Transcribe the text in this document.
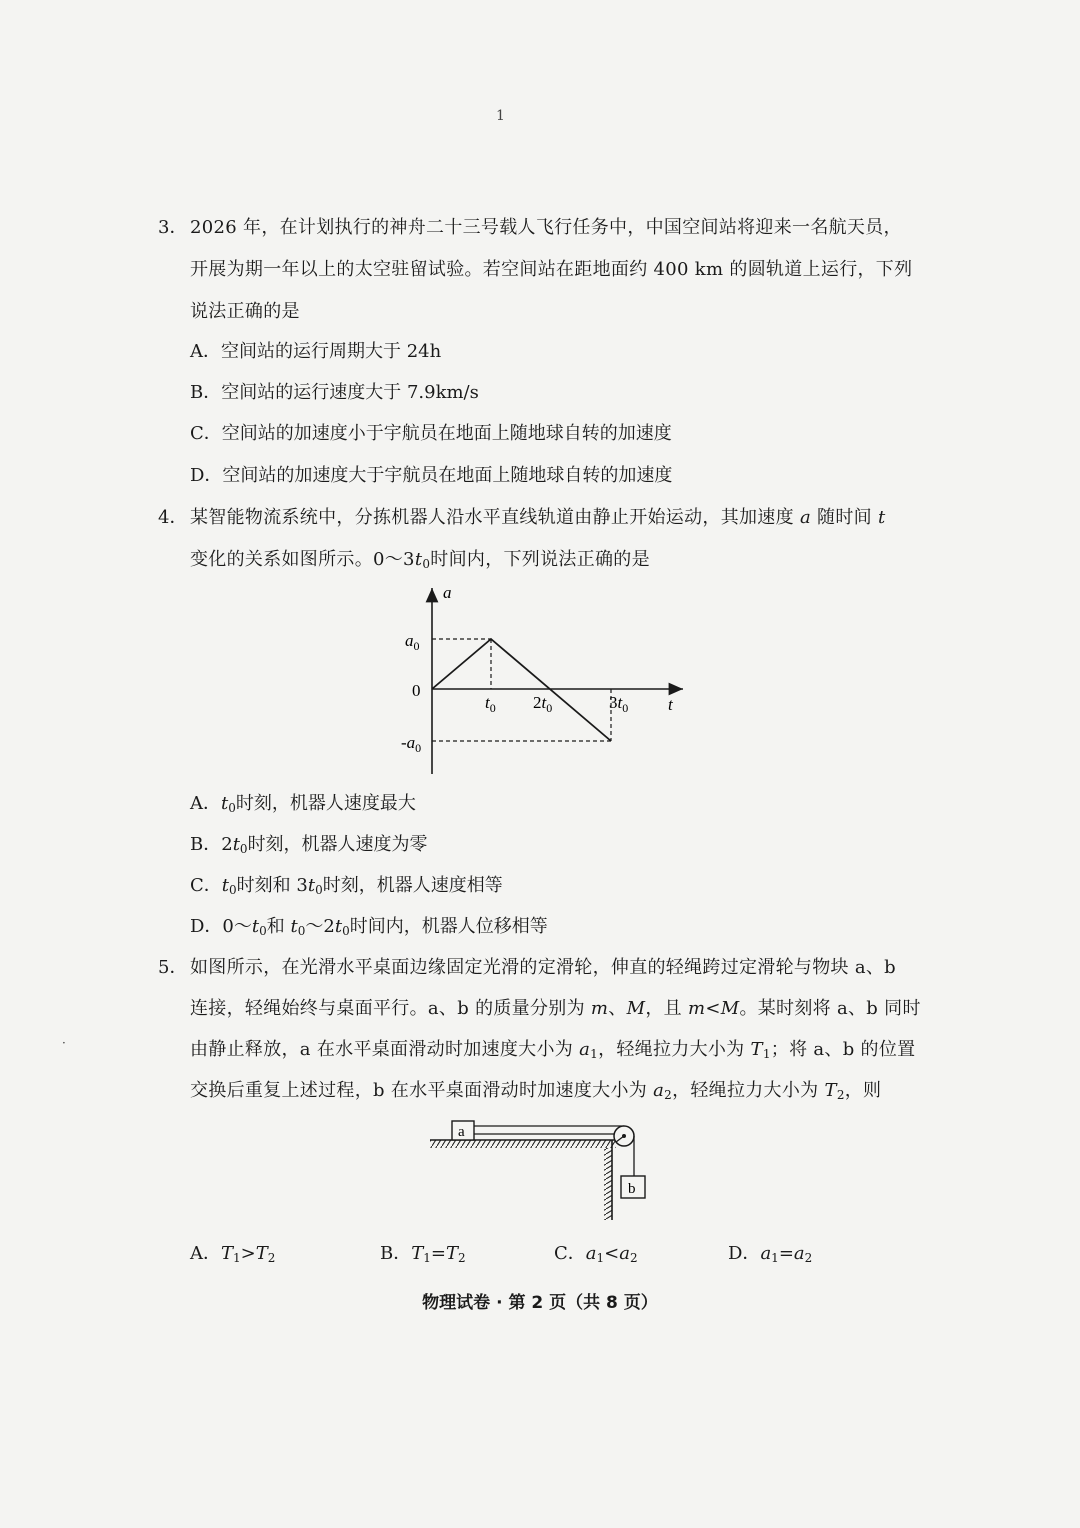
1
·
3． 2026 年，在计划执行的神舟二十三号载人飞行任务中，中国空间站将迎来一名航天员，
开展为期一年以上的太空驻留试验。若空间站在距地面约 400 km 的圆轨道上运行，下列
说法正确的是
A．空间站的运行周期大于 24h
B．空间站的运行速度大于 7.9km/s
C．空间站的加速度小于宇航员在地面上随地球自转的加速度
D．空间站的加速度大于宇航员在地面上随地球自转的加速度
4． 某智能物流系统中，分拣机器人沿水平直线轨道由静止开始运动，其加速度 a 随时间 t
变化的关系如图所示。$0\sim 3t_0$时间内，下列说法正确的是
a
t
0
$a_0$
$-a_0$
$t_0$ $2t_0$	$3t_0$
A．$t_0$时刻，机器人速度最大
B．$2t_0$时刻，机器人速度为零
C．$t_0$时刻和 $3t_0$时刻，机器人速度相等
D．$0\sim t_0$和 $t_0\sim 2t_0$时间内，机器人位移相等
5． 如图所示，在光滑水平桌面边缘固定光滑的定滑轮，伸直的轻绳跨过定滑轮与物块 a、b
连接，轻绳始终与桌面平行。a、b 的质量分别为 m、M，且 m<M。某时刻将 a、b 同时
由静止释放，a 在水平桌面滑动时加速度大小为 $a_1$，轻绳拉力大小为 $T_1$；将 a、b 的位置
交换后重复上述过程，b 在水平桌面滑动时加速度大小为 $a_2$，轻绳拉力大小为 $T_2$，则
a
b
A．$T_1>T_2$	B．$T_1=T_2$	C．$a_1<a_2$	D．$a_1=a_2$
物理试卷 · 第 2 页（共 8 页）
